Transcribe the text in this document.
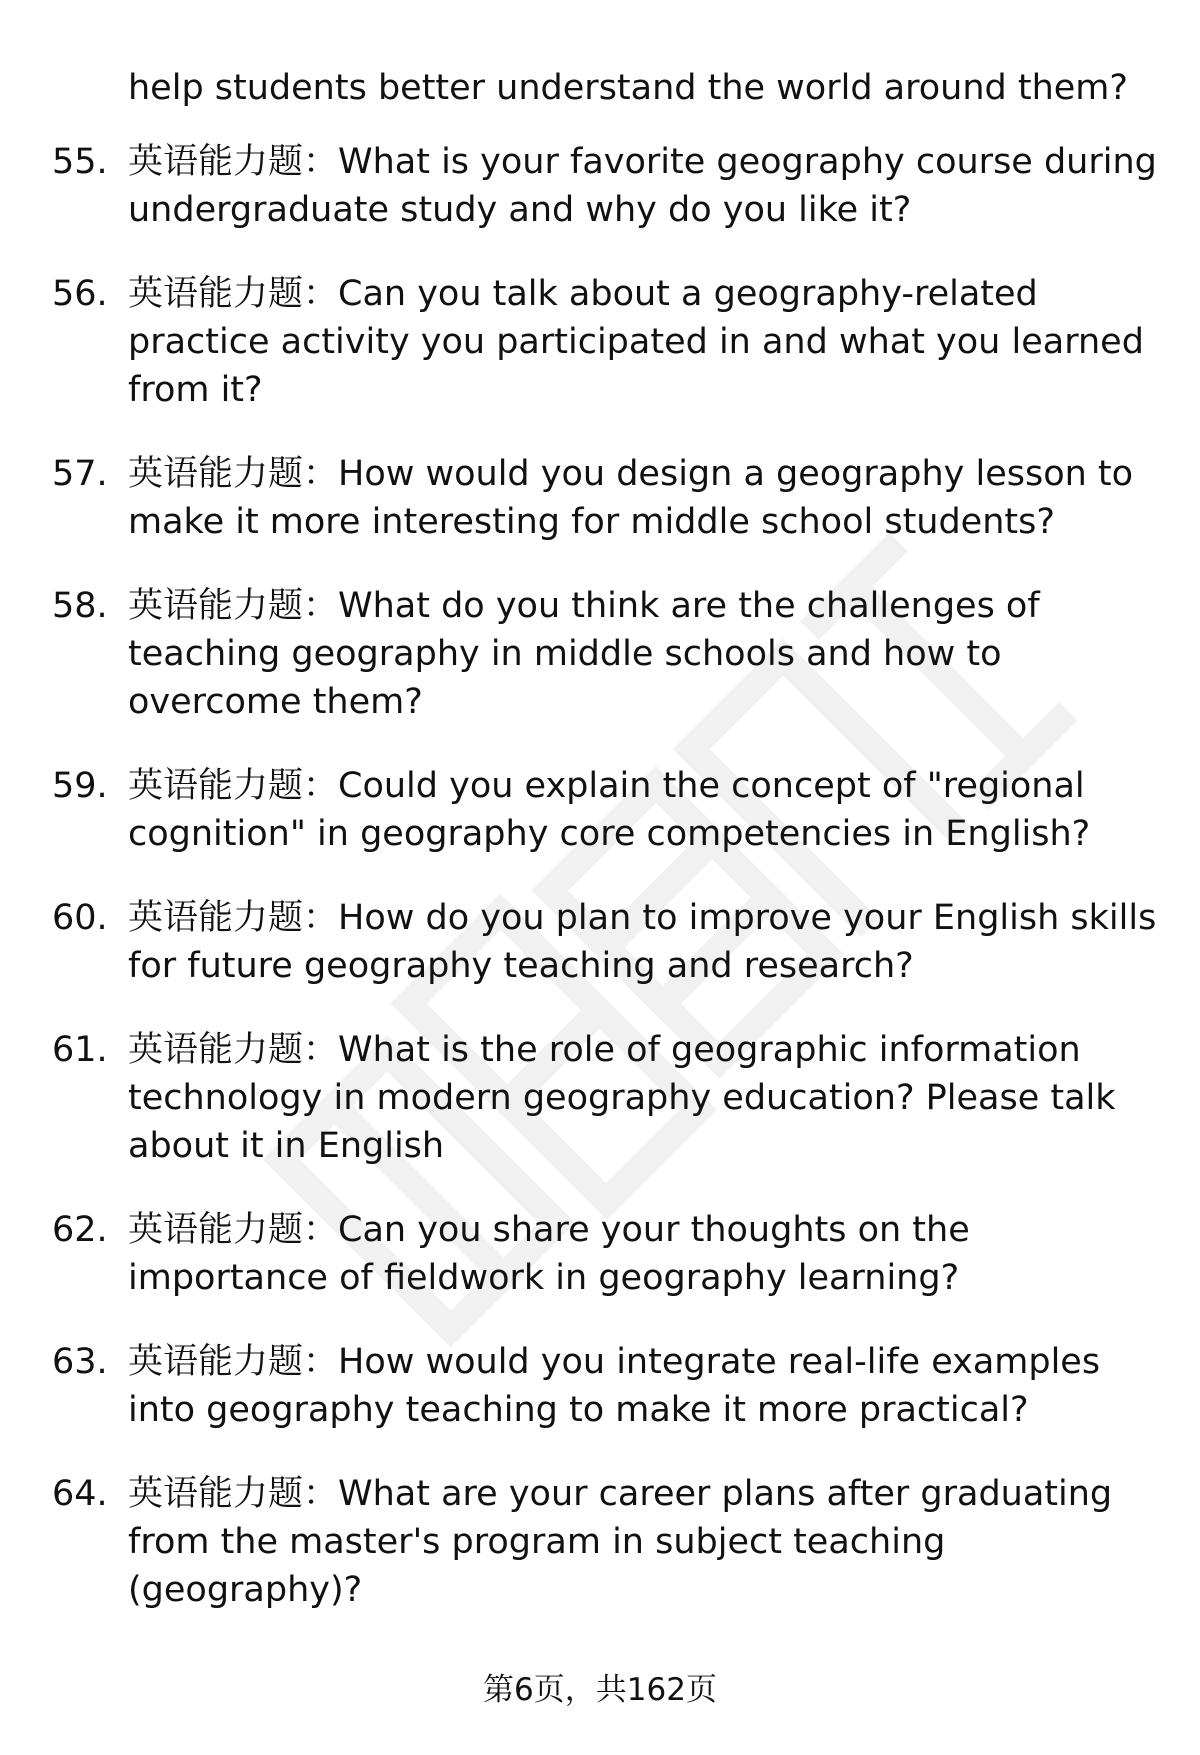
help students better understand the world around them?
55. 英语能力题：What is your favorite geography course during
undergraduate study and why do you like it?
56. 英语能力题：Can you talk about a geography-related
practice activity you participated in and what you learned
from it?
57. 英语能力题：How would you design a geography lesson to
make it more interesting for middle school students?
58. 英语能力题：What do you think are the challenges of
teaching geography in middle schools and how to
overcome them?
59. 英语能力题：Could you explain the concept of "regional
cognition" in geography core competencies in English?
60. 英语能力题：How do you plan to improve your English skills
for future geography teaching and research?
61. 英语能力题：What is the role of geographic information
technology in modern geography education? Please talk
about it in English
62. 英语能力题：Can you share your thoughts on the
importance of fieldwork in geography learning?
63. 英语能力题：How would you integrate real-life examples
into geography teaching to make it more practical?
64. 英语能力题：What are your career plans after graduating
from the master's program in subject teaching
(geography)?
第6页，共162页
